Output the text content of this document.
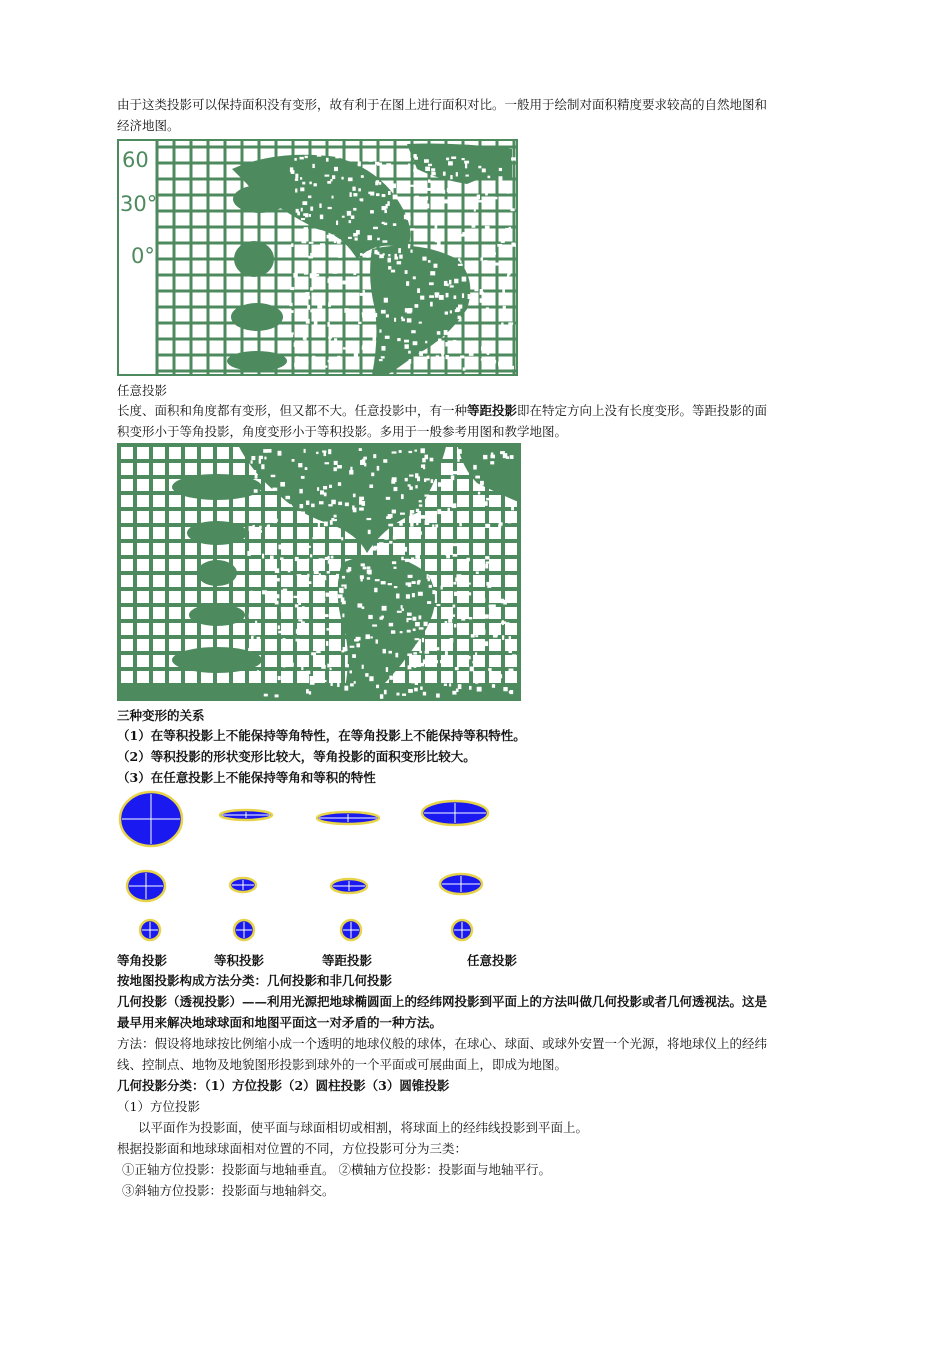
由于这类投影可以保持面积没有变形，故有利于在图上进行面积对比。一般用于绘制对面积精度要求较高的自然地图和
经济地图。
60
30°
0°
任意投影
长度、面积和角度都有变形，但又都不大。任意投影中，有一种等距投影即在特定方向上没有长度变形。等距投影的面
积变形小于等角投影，角度变形小于等积投影。多用于一般参考用图和教学地图。
三种变形的关系
（1）在等积投影上不能保持等角特性，在等角投影上不能保持等积特性。
（2）等积投影的形状变形比较大，等角投影的面积变形比较大。
（3）在任意投影上不能保持等角和等积的特性
等角投影	等积投影	等距投影	任意投影
按地图投影构成方法分类：几何投影和非几何投影
几何投影（透视投影）——利用光源把地球椭圆面上的经纬网投影到平面上的方法叫做几何投影或者几何透视法。这是
最早用来解决地球球面和地图平面这一对矛盾的一种方法。
方法：假设将地球按比例缩小成一个透明的地球仪般的球体，在球心、球面、或球外安置一个光源，将地球仪上的经纬
线、控制点、地物及地貌图形投影到球外的一个平面或可展曲面上，即成为地图。
几何投影分类：（1）方位投影（2）圆柱投影（3）圆锥投影
（1）方位投影
以平面作为投影面，使平面与球面相切或相割，将球面上的经纬线投影到平面上。
根据投影面和地球球面相对位置的不同，方位投影可分为三类：
①正轴方位投影：投影面与地轴垂直。 ②横轴方位投影：投影面与地轴平行。
③斜轴方位投影：投影面与地轴斜交。
